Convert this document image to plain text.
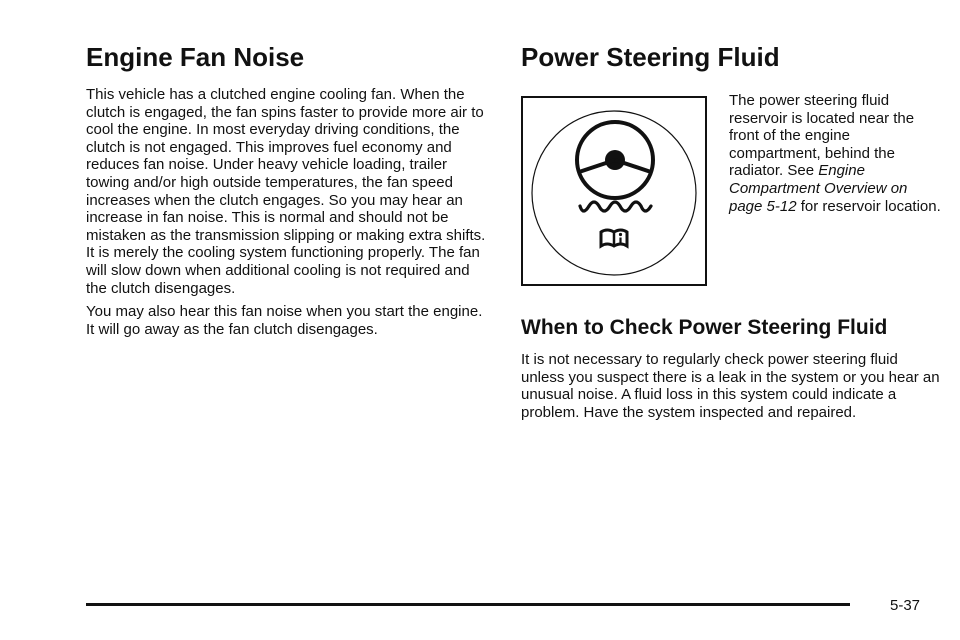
Engine Fan Noise

This vehicle has a clutched engine cooling fan. When the clutch is engaged, the fan spins faster to provide more air to cool the engine. In most everyday driving conditions, the clutch is not engaged. This improves fuel economy and reduces fan noise. Under heavy vehicle loading, trailer towing and/or high outside temperatures, the fan speed increases when the clutch engages. So you may hear an increase in fan noise. This is normal and should not be mistaken as the transmission slipping or making extra shifts. It is merely the cooling system functioning properly. The fan will slow down when additional cooling is not required and the clutch disengages.

You may also hear this fan noise when you start the engine. It will go away as the fan clutch disengages.

Power Steering Fluid

The power steering fluid reservoir is located near the front of the engine compartment, behind the radiator. See Engine Compartment Overview on page 5-12 for reservoir location.

When to Check Power Steering Fluid

It is not necessary to regularly check power steering fluid unless you suspect there is a leak in the system or you hear an unusual noise. A fluid loss in this system could indicate a problem. Have the system inspected and repaired.

5-37
